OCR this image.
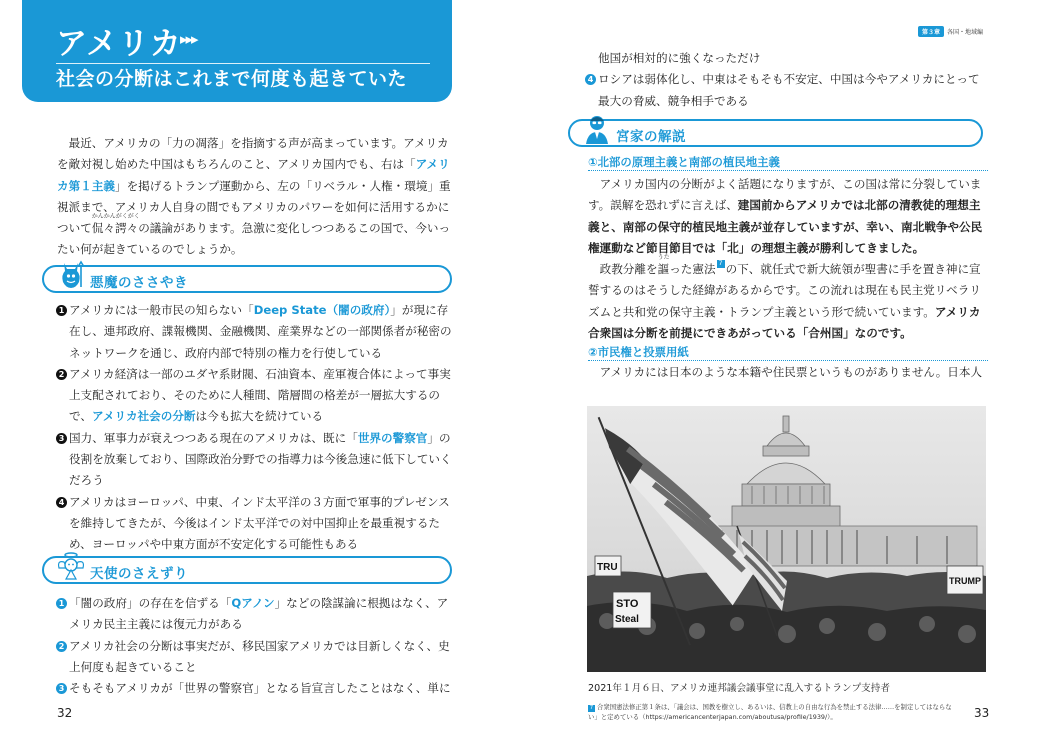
アメリカ
▸▸▸
社会の分断はこれまで何度も起きていた

最近、アメリカの「力の凋落」を指摘する声が高まっています。アメリカを敵対視し始めた中国はもちろんのこと、アメリカ国内でも、右は「アメリカ第１主義」を掲げるトランプ運動から、左の「リベラル・人権・環境」重視派まで、アメリカ人自身の間でもアメリカのパワーを如何に活用するかについて
かんかんがくがく
侃々諤々の議論があります。急激に変化しつつあるこの国で、今いったい何が起きているのでしょうか。

悪魔のささやき
1 アメリカには一般市民の知らない「Deep State（闇の政府）」が現に存在し、連邦政府、諜報機関、金融機関、産業界などの一部関係者が秘密のネットワークを通じ、政府内部で特別の権力を行使している
2 アメリカ経済は一部のユダヤ系財閥、石油資本、産軍複合体によって事実上支配されており、そのために人種間、階層間の格差が一層拡大するので、アメリカ社会の分断は今も拡大を続けている
3 国力、軍事力が衰えつつある現在のアメリカは、既に「世界の警察官」の役割を放棄しており、国際政治分野での指導力は今後急速に低下していくだろう
4 アメリカはヨーロッパ、中東、インド太平洋の３方面で軍事的プレゼンスを維持してきたが、今後はインド太平洋での対中国抑止を最重視するため、ヨーロッパや中東方面が不安定化する可能性もある
天使のさえずり
1 「闇の政府」の存在を信ずる「Qアノン」などの陰謀論に根拠はなく、アメリカ民主主義には復元力がある
2 アメリカ社会の分断は事実だが、移民国家アメリカでは目新しくなく、史上何度も起きていること
3 そもそもアメリカが「世界の警察官」となる旨宣言したことはなく、単に
32
第３章 各国・地域編
他国が相対的に強くなっただけ
4 ロシアは弱体化し、中東はそもそも不安定、中国は今やアメリカにとって最大の脅威、競争相手である
宮家の解説
①北部の原理主義と南部の植民地主義

アメリカ国内の分断がよく話題になりますが、この国は常に分裂しています。誤解を恐れずに言えば、建国前からアメリカでは北部の清教徒的理想主義と、南部の保守的植民地主義が並存していますが、幸い、南北戦争や公民権運動など節目節目では「北」の理想主義が勝利してきました。
政教分離を
うた
謳った憲法 7 の下、就任式で新大統領が聖書に手を置き神に宣誓するのはそうした経緯があるからです。この流れは現在も民主党リベラリズムと共和党の保守主義・トランプ主義という形で続いています。アメリカ合衆国は分断を前提にできあがっている「合州国」なのです。

②市民権と投票用紙

アメリカには日本のような本籍や住民票というものがありません。日本人

TRU
STO
Steal
TRUMP
2021年１月６日、アメリカ連邦議会議事堂に乱入するトランプ支持者
7 合衆国憲法修正第１条は、「議会は、国教を樹立し、あるいは、信教上の自由な行為を禁止する法律……を制定してはならない」と定めている（https://americancenterjapan.com/aboutusa/profile/1939/）。	33
